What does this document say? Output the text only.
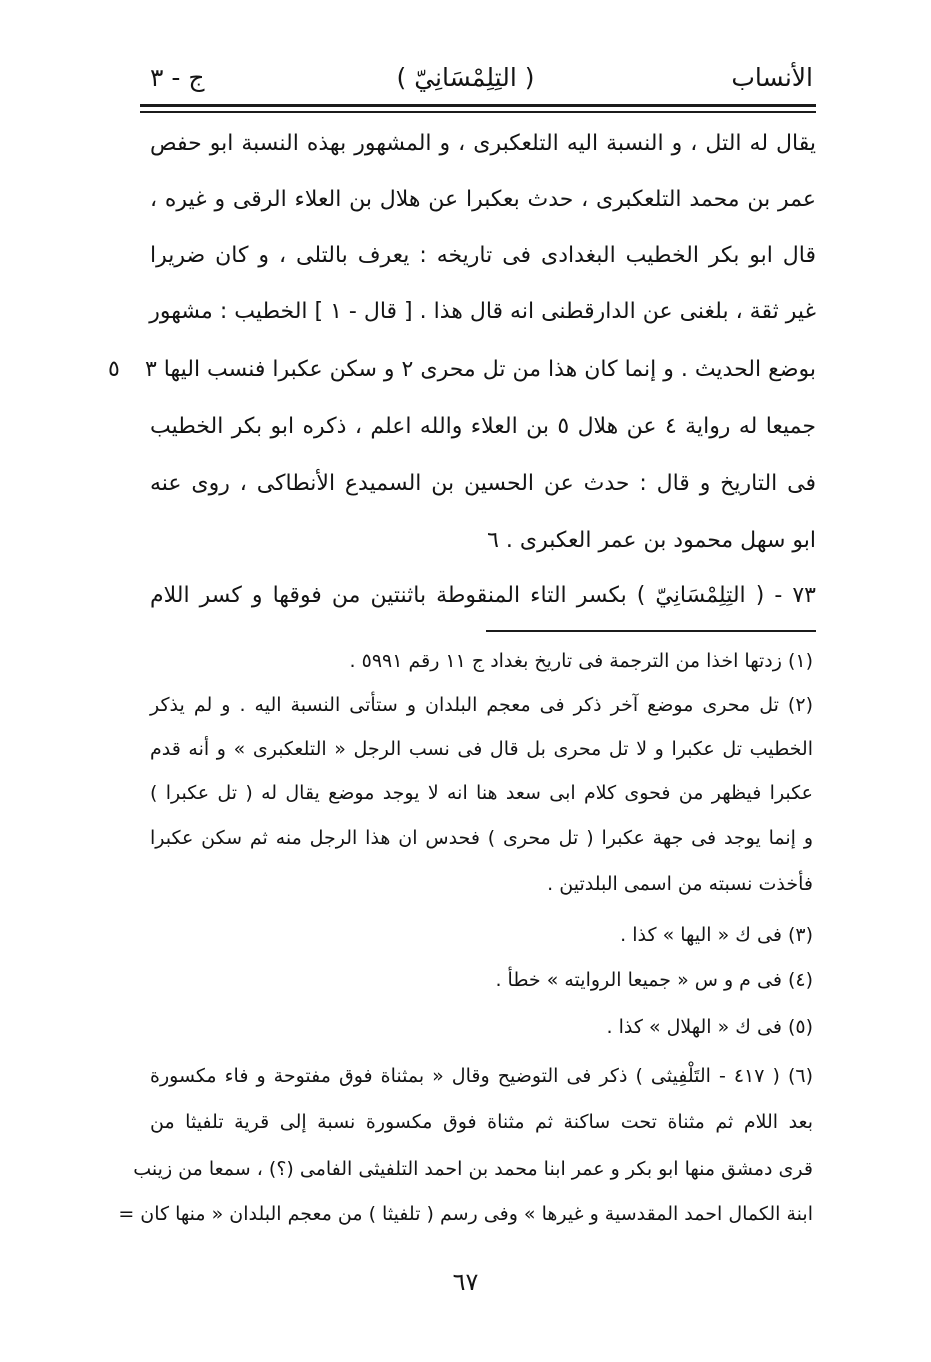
الأنساب
( التِلِمْسَانِيّ )
ج - ٣
يقال له التل ، و النسبة اليه التلعكبرى ، و المشهور بهذه النسبة ابو حفص
عمر بن محمد التلعكبرى ، حدث بعكبرا عن هلال بن العلاء الرقى و غيره ،
قال ابو بكر الخطيب البغدادى فى تاريخه : يعرف بالتلى ، و كان ضريرا
غير ثقة ، بلغنى عن الدارقطنى انه قال هذا . [ قال - ١ ] الخطيب : مشهور
بوضع الحديث . و إنما كان هذا من تل محرى ٢ و سكن عكبرا فنسب اليها ٣
جميعا له رواية ٤ عن هلال ٥ بن العلاء والله اعلم ، ذكره ابو بكر الخطيب
فى التاريخ و قال : حدث عن الحسين بن السميدع الأنطاكى ، روى عنه
ابو سهل محمود بن عمر العكبرى . ٦
٧٣ - ( التِلِمْسَانِيّ ) بكسر التاء المنقوطة باثنتين من فوقها و كسر اللام
٥
(١) زدتها اخذا من الترجمة فى تاريخ بغداد ج ١١ رقم ٥٩٩١ .
(٢) تل محرى موضع آخر ذكر فى معجم البلدان و ستأتى النسبة اليه . و لم يذكر
الخطيب تل عكبرا و لا تل محرى بل قال فى نسب الرجل « التلعكبرى » و أنه قدم
عكبرا فيظهر من فحوى كلام ابى سعد هنا انه لا يوجد موضع يقال له ( تل عكبرا )
و إنما يوجد فى جهة عكبرا ( تل محرى ) فحدس ان هذا الرجل منه ثم سكن عكبرا
فأخذت نسبته من اسمى البلدتين .
(٣) فى ك « اليها » كذا .
(٤) فى م و س « جميعا الروايته » خطأ .
(٥) فى ك « الهلال » كذا .
(٦) ( ٤١٧ - التَلْفِيثى ) ذكر فى التوضيح وقال « بمثناة فوق مفتوحة و فاء مكسورة
بعد اللام ثم مثناة تحت ساكنة ثم مثناة فوق مكسورة نسبة إلى قرية تلفيثا من
قرى دمشق منها ابو بكر و عمر ابنا محمد بن احمد التلفيثى الفامى (؟) ، سمعا من زينب
ابنة الكمال احمد المقدسية و غيرها » وفى رسم ( تلفيثا ) من معجم البلدان « منها كان =
٦٧
